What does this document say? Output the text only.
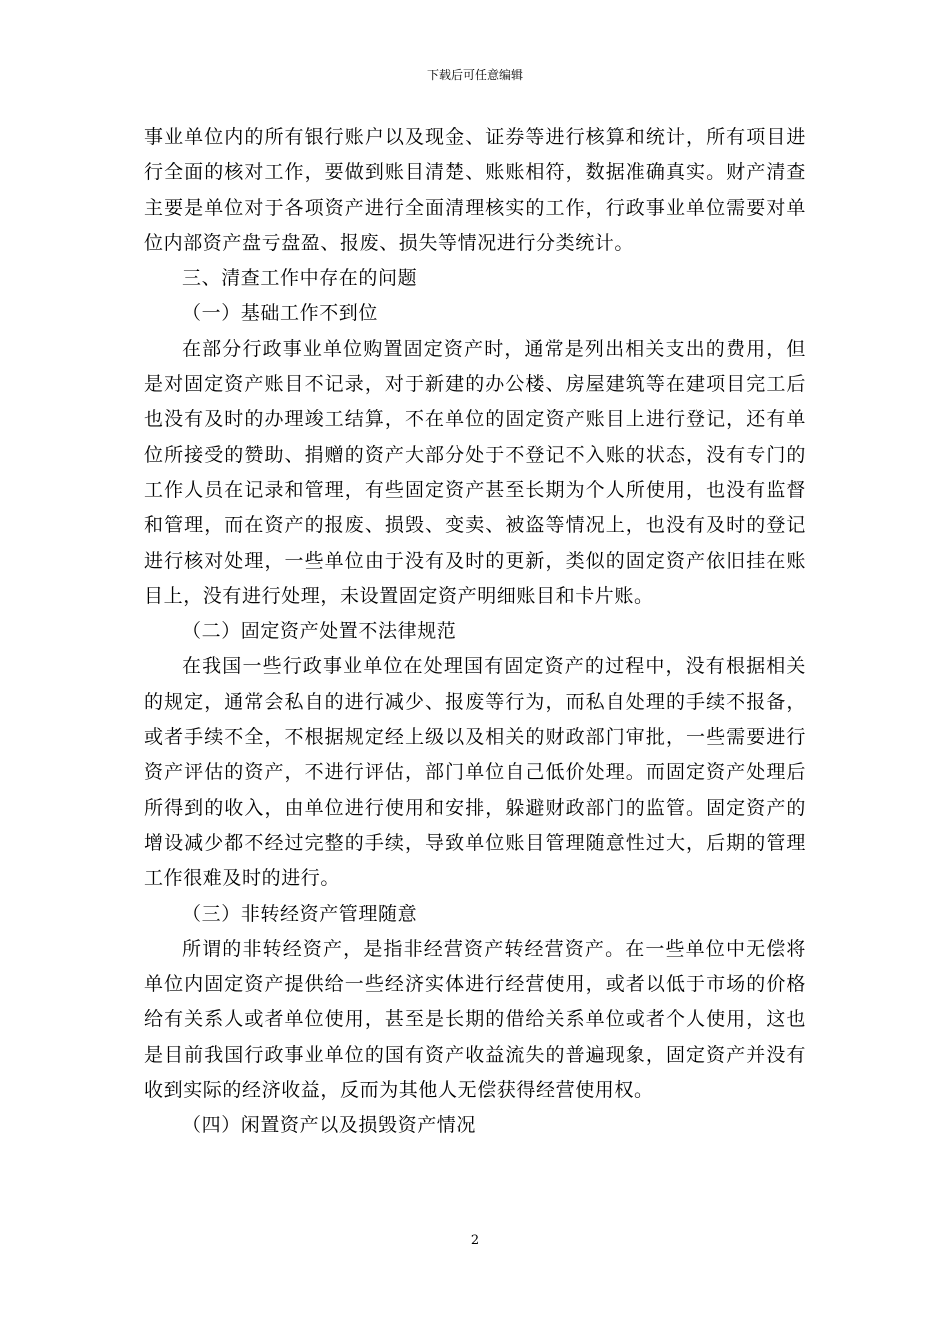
下载后可任意编辑

事业单位内的所有银行账户以及现金、证券等进行核算和统计，所有项目进行全面的核对工作，要做到账目清楚、账账相符，数据准确真实。财产清查主要是单位对于各项资产进行全面清理核实的工作，行政事业单位需要对单位内部资产盘亏盘盈、报废、损失等情况进行分类统计。

三、清查工作中存在的问题

（一）基础工作不到位

在部分行政事业单位购置固定资产时，通常是列出相关支出的费用，但是对固定资产账目不记录，对于新建的办公楼、房屋建筑等在建项目完工后也没有及时的办理竣工结算，不在单位的固定资产账目上进行登记，还有单位所接受的赞助、捐赠的资产大部分处于不登记不入账的状态，没有专门的工作人员在记录和管理，有些固定资产甚至长期为个人所使用，也没有监督和管理，而在资产的报废、损毁、变卖、被盗等情况上，也没有及时的登记进行核对处理，一些单位由于没有及时的更新，类似的固定资产依旧挂在账目上，没有进行处理，未设置固定资产明细账目和卡片账。

（二）固定资产处置不法律规范

在我国一些行政事业单位在处理国有固定资产的过程中，没有根据相关的规定，通常会私自的进行减少、报废等行为，而私自处理的手续不报备，或者手续不全，不根据规定经上级以及相关的财政部门审批，一些需要进行资产评估的资产，不进行评估，部门单位自己低价处理。而固定资产处理后所得到的收入，由单位进行使用和安排，躲避财政部门的监管。固定资产的增设减少都不经过完整的手续，导致单位账目管理随意性过大，后期的管理工作很难及时的进行。

（三）非转经资产管理随意

所谓的非转经资产，是指非经营资产转经营资产。在一些单位中无偿将单位内固定资产提供给一些经济实体进行经营使用，或者以低于市场的价格给有关系人或者单位使用，甚至是长期的借给关系单位或者个人使用，这也是目前我国行政事业单位的国有资产收益流失的普遍现象，固定资产并没有收到实际的经济收益，反而为其他人无偿获得经营使用权。

（四）闲置资产以及损毁资产情况

2
